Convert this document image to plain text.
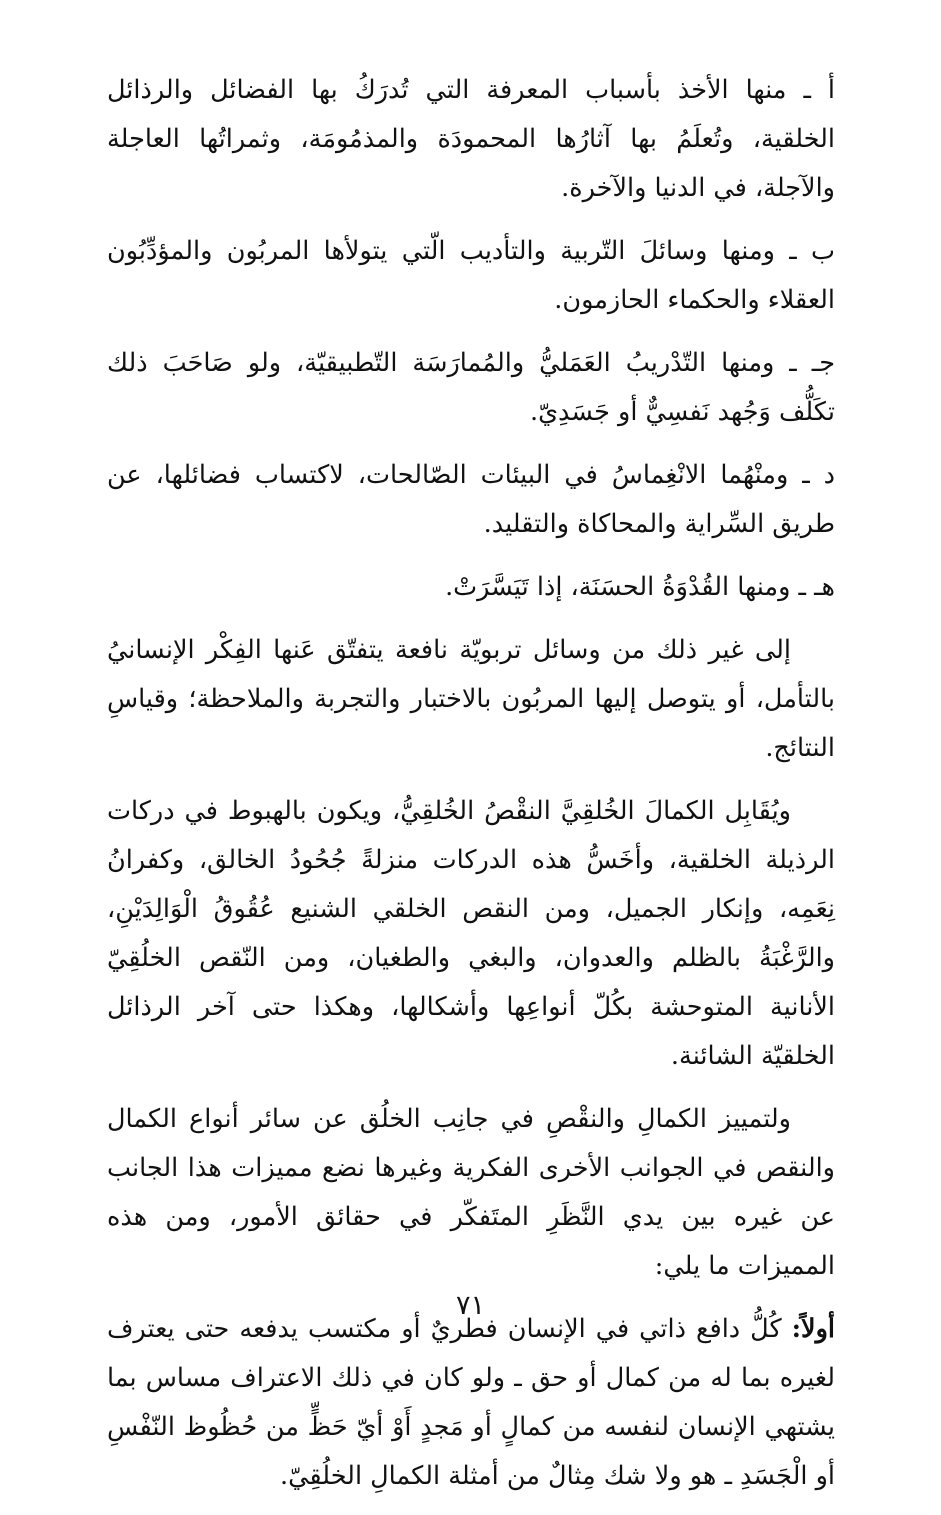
أ ـ منها الأخذ بأسباب المعرفة التي تُدرَكُ بها الفضائل والرذائل الخلقية، وتُعلَمُ بها آثارُها المحمودَة والمذمُومَة، وثمراتُها العاجلة والآجلة، في الدنيا والآخرة.

ب ـ ومنها وسائلَ التّربية والتأديب الّتي يتولأها المربُون والمؤدِّبُون العقلاء والحكماء الحازمون.

جـ ـ ومنها التّدْريبُ العَمَليُّ والمُمارَسَة التّطبيقيّة، ولو صَاحَبَ ذلك تكَلُّف وَجُهد نَفسِيٌّ أو جَسَدِيّ.

د ـ ومنْهُما الانْغِماسُ في البيئات الصّالحات، لاكتساب فضائلها، عن طريق السِّراية والمحاكاة والتقليد.

هـ ـ ومنها القُدْوَةُ الحسَنَة، إذا تَيَسَّرَتْ.

إلى غير ذلك من وسائل تربويّة نافعة يتفتّق عَنها الفِكْر الإنسانيُ بالتأمل، أو يتوصل إليها المربُون بالاختبار والتجربة والملاحظة؛ وقياسِ النتائج.

ويُقَابِل الكمالَ الخُلقِيَّ النقْصُ الخُلقِيُّ، ويكون بالهبوط في دركات الرذيلة الخلقية، وأخَسُّ هذه الدركات منزلةً جُحُودُ الخالق، وكفرانُ نِعَمِه، وإنكار الجميل، ومن النقص الخلقي الشنيع عُقُوقُ الْوَالِدَيْنِ، والرَّغْبَةُ بالظلم والعدوان، والبغي والطغيان، ومن النّقص الخلُقِيّ الأنانية المتوحشة بكُلّ أنواعِها وأشكالها، وهكذا حتى آخر الرذائل الخلقيّة الشائنة.

ولتمييز الكمالِ والنقْصِ في جانِب الخلُق عن سائر أنواع الكمال والنقص في الجوانب الأخرى الفكرية وغيرها نضع مميزات هذا الجانب عن غيره بين يدي النَّظَرِ المتَفكّر في حقائق الأمور، ومن هذه المميزات ما يلي:

أولاً: كُلُّ دافع ذاتي في الإنسان فطريٌ أو مكتسب يدفعه حتى يعترف لغيره بما له من كمال أو حق ـ ولو كان في ذلك الاعتراف مساس بما يشتهي الإنسان لنفسه من كمالٍ أو مَجدٍ أَوْ أيّ حَظٍّ من حُظُوظ النّفْسِ أو الْجَسَدِ ـ هو ولا شك مِثالٌ من أمثلة الكمالِ الخلُقِيّ.

٧١
